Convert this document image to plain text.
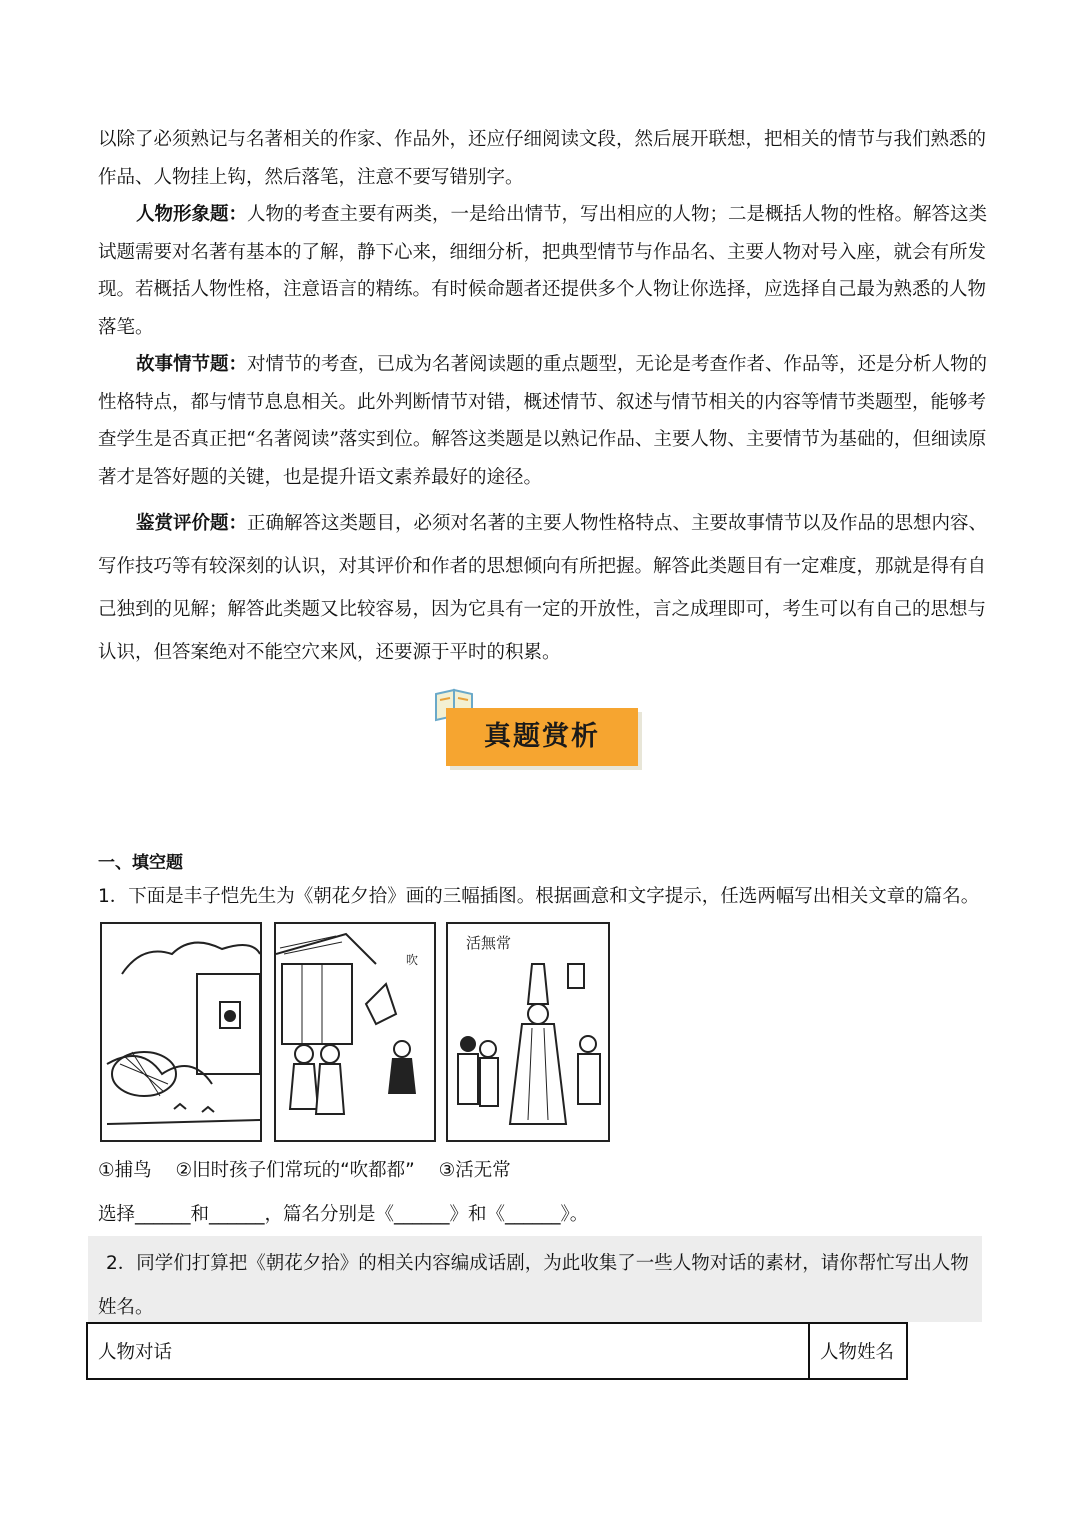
以除了必须熟记与名著相关的作家、作品外，还应仔细阅读文段，然后展开联想，把相关的情节与我们熟悉的作品、人物挂上钩，然后落笔，注意不要写错别字。

人物形象题：人物的考查主要有两类，一是给出情节，写出相应的人物；二是概括人物的性格。解答这类试题需要对名著有基本的了解，静下心来，细细分析，把典型情节与作品名、主要人物对号入座，就会有所发现。若概括人物性格，注意语言的精练。有时候命题者还提供多个人物让你选择，应选择自己最为熟悉的人物落笔。

故事情节题：对情节的考查，已成为名著阅读题的重点题型，无论是考查作者、作品等，还是分析人物的性格特点，都与情节息息相关。此外判断情节对错，概述情节、叙述与情节相关的内容等情节类题型，能够考查学生是否真正把“名著阅读”落实到位。解答这类题是以熟记作品、主要人物、主要情节为基础的，但细读原著才是答好题的关键，也是提升语文素养最好的途径。

鉴赏评价题：正确解答这类题目，必须对名著的主要人物性格特点、主要故事情节以及作品的思想内容、写作技巧等有较深刻的认识，对其评价和作者的思想倾向有所把握。解答此类题目有一定难度，那就是得有自己独到的见解；解答此类题又比较容易，因为它具有一定的开放性，言之成理即可，考生可以有自己的思想与认识，但答案绝对不能空穴来风，还要源于平时的积累。

真题赏析
一、填空题
1．下面是丰子恺先生为《朝花夕拾》画的三幅插图。根据画意和文字提示，任选两幅写出相关文章的篇名。
吹
活無常
①捕鸟 ②旧时孩子们常玩的“吹都都” ③活无常
选择______和______，篇名分别是《______》和《______》。

2．同学们打算把《朝花夕拾》的相关内容编成话剧，为此收集了一些人物对话的素材，请你帮忙写出人物姓名。

人物对话	人物姓名
